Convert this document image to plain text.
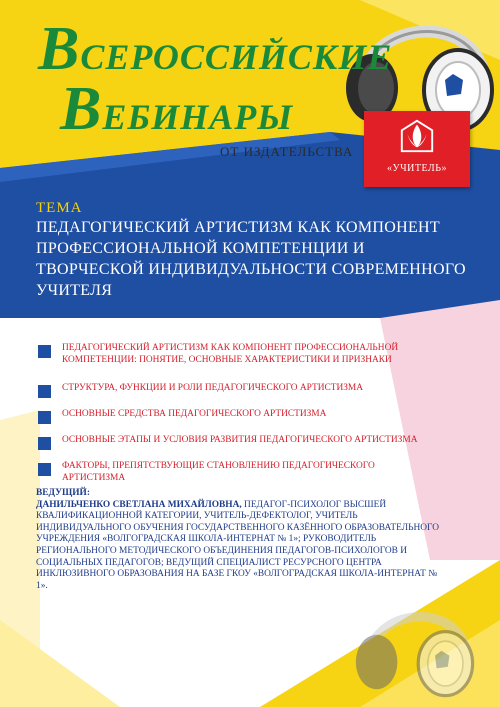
ВСЕРОССИЙСКИЕ
ВЕБИНАРЫ
ОТ ИЗДАТЕЛЬСТВА
«УЧИТЕЛЬ»
ТЕМА
ПЕДАГОГИЧЕСКИЙ АРТИСТИЗМ КАК КОМПОНЕНТ ПРОФЕССИОНАЛЬНОЙ КОМПЕТЕНЦИИ И ТВОРЧЕСКОЙ ИНДИВИДУАЛЬНОСТИ СОВРЕМЕННОГО УЧИТЕЛЯ
ПЕДАГОГИЧЕСКИЙ АРТИСТИЗМ КАК КОМПОНЕНТ ПРОФЕССИОНАЛЬНОЙ КОМПЕТЕНЦИИ: ПОНЯТИЕ, ОСНОВНЫЕ ХАРАКТЕРИСТИКИ И ПРИЗНАКИ
СТРУКТУРА, ФУНКЦИИ И РОЛИ ПЕДАГОГИЧЕСКОГО АРТИСТИЗМА
ОСНОВНЫЕ СРЕДСТВА ПЕДАГОГИЧЕСКОГО АРТИСТИЗМА
ОСНОВНЫЕ ЭТАПЫ И УСЛОВИЯ РАЗВИТИЯ ПЕДАГОГИЧЕСКОГО АРТИСТИЗМА
ФАКТОРЫ, ПРЕПЯТСТВУЮЩИЕ СТАНОВЛЕНИЮ ПЕДАГОГИЧЕСКОГО АРТИСТИЗМА
ВЕДУЩИЙ:
ДАНИЛЬЧЕНКО СВЕТЛАНА МИХАЙЛОВНА, ПЕДАГОГ-ПСИХОЛОГ ВЫСШЕЙ КВАЛИФИКАЦИОННОЙ КАТЕГОРИИ, УЧИТЕЛЬ-ДЕФЕКТОЛОГ, УЧИТЕЛЬ ИНДИВИДУАЛЬНОГО ОБУЧЕНИЯ ГОСУДАРСТВЕННОГО КАЗЁННОГО ОБРАЗОВАТЕЛЬНОГО УЧРЕЖДЕНИЯ «ВОЛГОГРАДСКАЯ ШКОЛА-ИНТЕРНАТ № 1»; РУКОВОДИТЕЛЬ РЕГИОНАЛЬНОГО МЕТОДИЧЕСКОГО ОБЪЕДИНЕНИЯ ПЕДАГОГОВ-ПСИХОЛОГОВ И СОЦИАЛЬНЫХ ПЕДАГОГОВ; ВЕДУЩИЙ СПЕЦИАЛИСТ РЕСУРСНОГО ЦЕНТРА ИНКЛЮЗИВНОГО ОБРАЗОВАНИЯ НА БАЗЕ ГКОУ «ВОЛГОГРАДСКАЯ ШКОЛА-ИНТЕРНАТ № 1».
